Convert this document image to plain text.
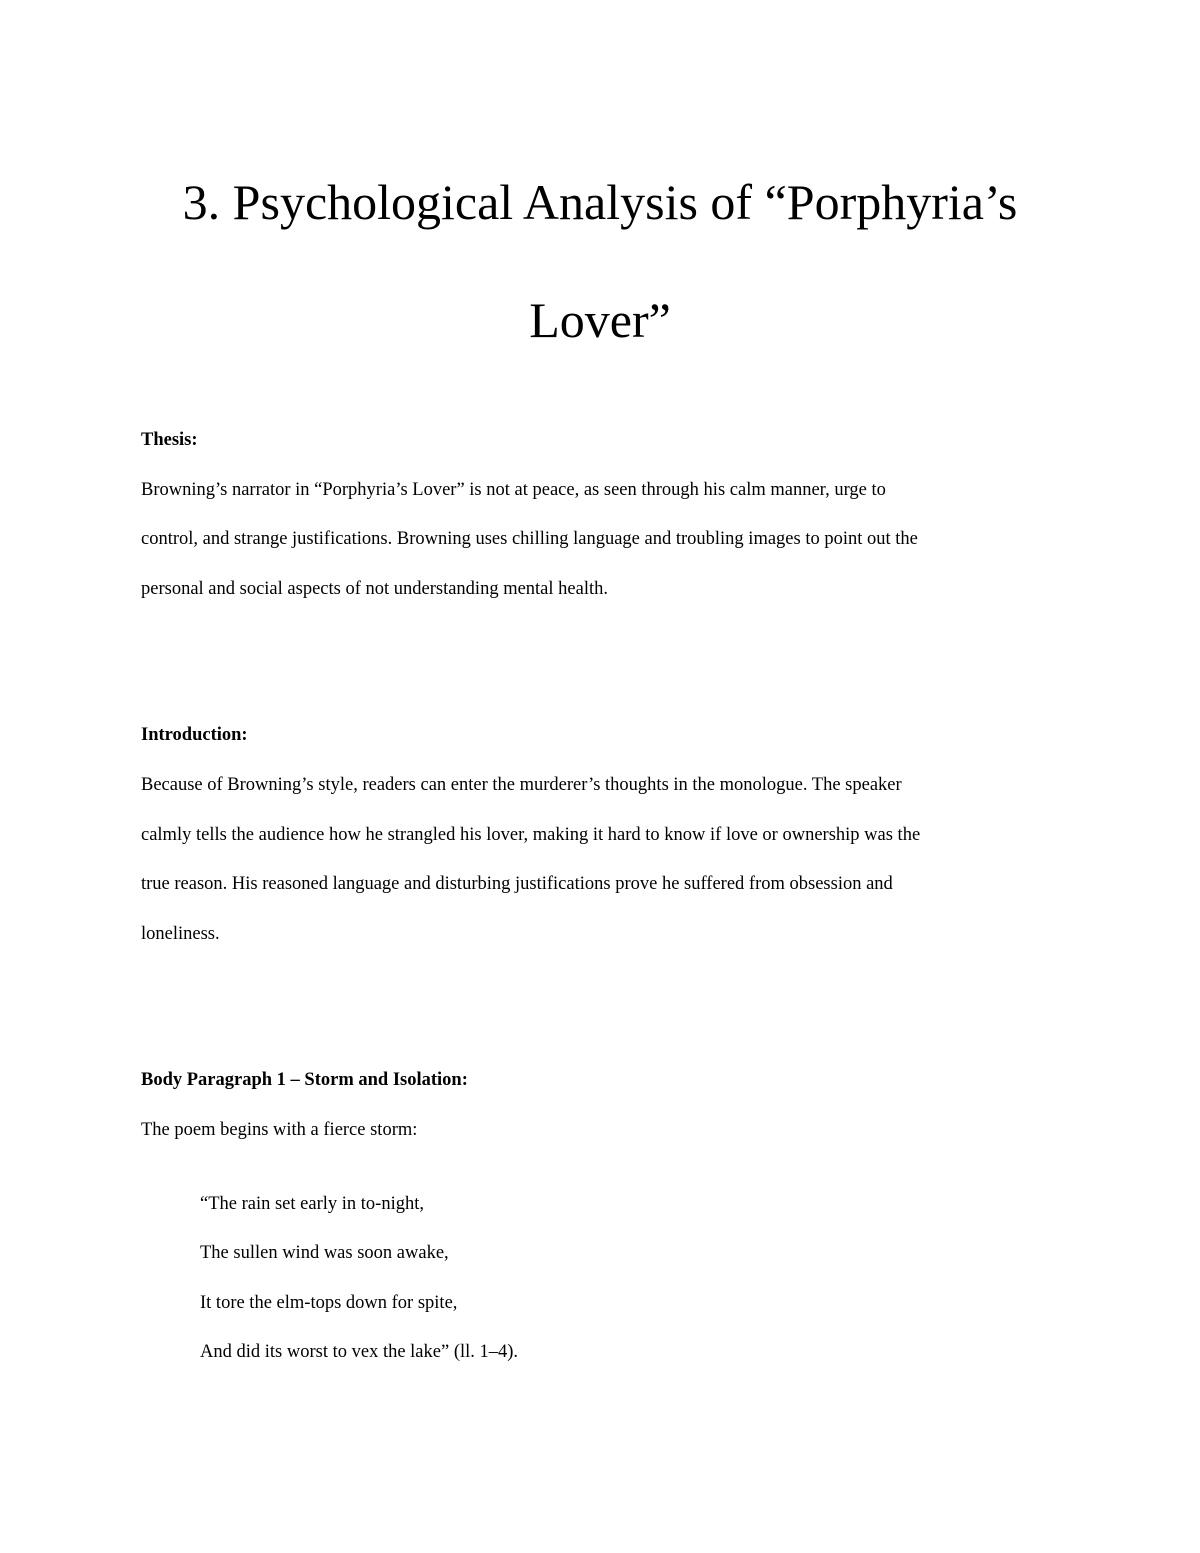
3. Psychological Analysis of “Porphyria’s
Lover”
Thesis:
Browning’s narrator in “Porphyria’s Lover” is not at peace, as seen through his calm manner, urge to
control, and strange justifications. Browning uses chilling language and troubling images to point out the
personal and social aspects of not understanding mental health.
Introduction:
Because of Browning’s style, readers can enter the murderer’s thoughts in the monologue. The speaker
calmly tells the audience how he strangled his lover, making it hard to know if love or ownership was the
true reason. His reasoned language and disturbing justifications prove he suffered from obsession and
loneliness.
Body Paragraph 1 – Storm and Isolation:
The poem begins with a fierce storm:
“The rain set early in to-night,
The sullen wind was soon awake,
It tore the elm-tops down for spite,
And did its worst to vex the lake” (ll. 1–4).
